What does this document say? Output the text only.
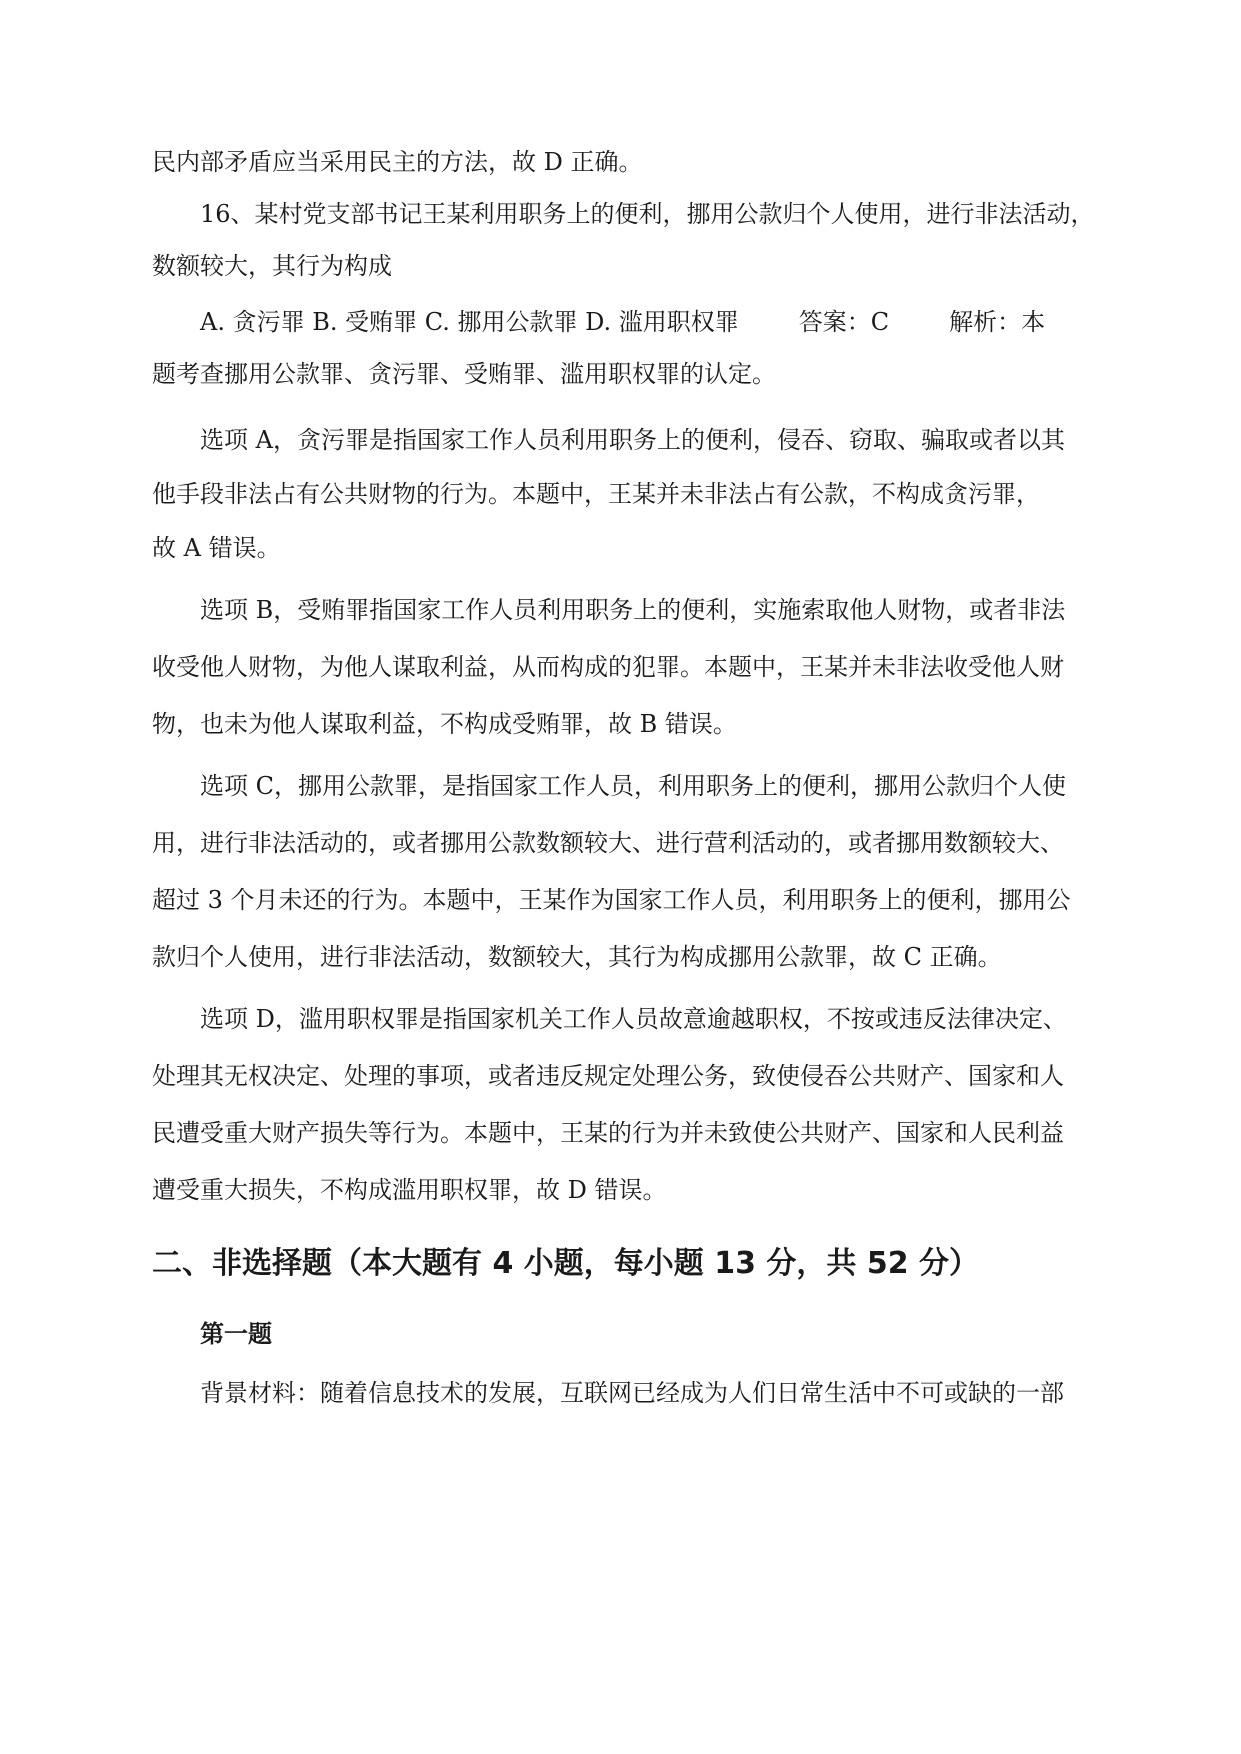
民内部矛盾应当采用民主的方法，故 D 正确。

16、某村党支部书记王某利用职务上的便利，挪用公款归个人使用，进行非法活动，

数额较大，其行为构成

A. 贪污罪 B. 受贿罪 C. 挪用公款罪 D. 滥用职权罪	答案：C	解析：本

题考查挪用公款罪、贪污罪、受贿罪、滥用职权罪的认定。

选项 A，贪污罪是指国家工作人员利用职务上的便利，侵吞、窃取、骗取或者以其

他手段非法占有公共财物的行为。本题中，王某并未非法占有公款，不构成贪污罪，

故 A 错误。

选项 B，受贿罪指国家工作人员利用职务上的便利，实施索取他人财物，或者非法

收受他人财物，为他人谋取利益，从而构成的犯罪。本题中，王某并未非法收受他人财

物，也未为他人谋取利益，不构成受贿罪，故 B 错误。

选项 C，挪用公款罪，是指国家工作人员，利用职务上的便利，挪用公款归个人使

用，进行非法活动的，或者挪用公款数额较大、进行营利活动的，或者挪用数额较大、

超过 3 个月未还的行为。本题中，王某作为国家工作人员，利用职务上的便利，挪用公

款归个人使用，进行非法活动，数额较大，其行为构成挪用公款罪，故 C 正确。

选项 D，滥用职权罪是指国家机关工作人员故意逾越职权，不按或违反法律决定、

处理其无权决定、处理的事项，或者违反规定处理公务，致使侵吞公共财产、国家和人

民遭受重大财产损失等行为。本题中，王某的行为并未致使公共财产、国家和人民利益

遭受重大损失，不构成滥用职权罪，故 D 错误。

二、非选择题（本大题有 4 小题，每小题 13 分，共 52 分）
第一题

背景材料：随着信息技术的发展，互联网已经成为人们日常生活中不可或缺的一部
